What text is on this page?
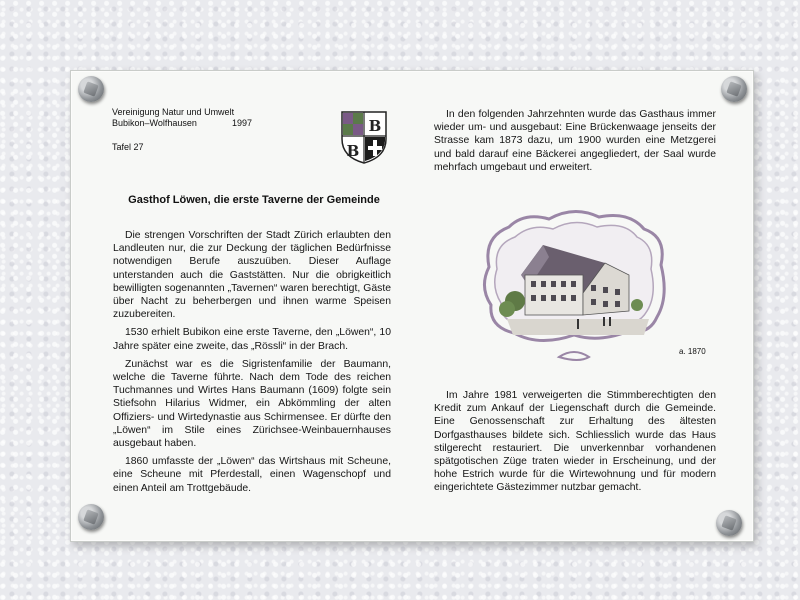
Vereinigung Natur und Umwelt
Bubikon–Wolfhausen	1997
Tafel 27
B
B
Gasthof Löwen, die erste Taverne der Gemeinde

Die strengen Vorschriften der Stadt Zürich erlaubten den Landleuten nur, die zur Deckung der täglichen Bedürfnisse notwendigen Berufe auszuüben. Dieser Auflage unterstanden auch die Gaststätten. Nur die obrigkeitlich bewilligten sogenannten „Tavernen“ waren berechtigt, Gäste über Nacht zu beherbergen und ihnen warme Speisen zuzubereiten.

1530 erhielt Bubikon eine erste Taverne, den „Löwen“, 10 Jahre später eine zweite, das „Rössli“ in der Brach.

Zunächst war es die Sigristenfamilie der Baumann, welche die Taverne führte. Nach dem Tode des reichen Tuchmannes und Wirtes Hans Baumann (1609) folgte sein Stiefsohn Hilarius Widmer, ein Abkömmling der alten Offiziers- und Wirtedynastie aus Schirmensee. Er dürfte den „Löwen“ im Stile eines Zürichsee-Weinbauernhauses ausgebaut haben.

1860 umfasste der „Löwen“ das Wirtshaus mit Scheune, eine Scheune mit Pferdestall, einen Wagenschopf und einen Anteil am Trottgebäude.

In den folgenden Jahrzehnten wurde das Gasthaus immer wieder um- und ausgebaut: Eine Brückenwaage jenseits der Strasse kam 1873 dazu, um 1900 wurden eine Metzgerei und bald darauf eine Bäckerei angegliedert, der Saal wurde mehrfach umgebaut und erweitert.

a. 1870

Im Jahre 1981 verweigerten die Stimmberechtigten den Kredit zum Ankauf der Liegenschaft durch die Gemeinde. Eine Genossenschaft zur Erhaltung des ältesten Dorfgasthauses bildete sich. Schliesslich wurde das Haus stilgerecht restauriert. Die unverkennbar vorhandenen spätgotischen Züge traten wieder in Erscheinung, und der hohe Estrich wurde für die Wirtewohnung und für modern eingerichtete Gästezimmer nutzbar gemacht.
